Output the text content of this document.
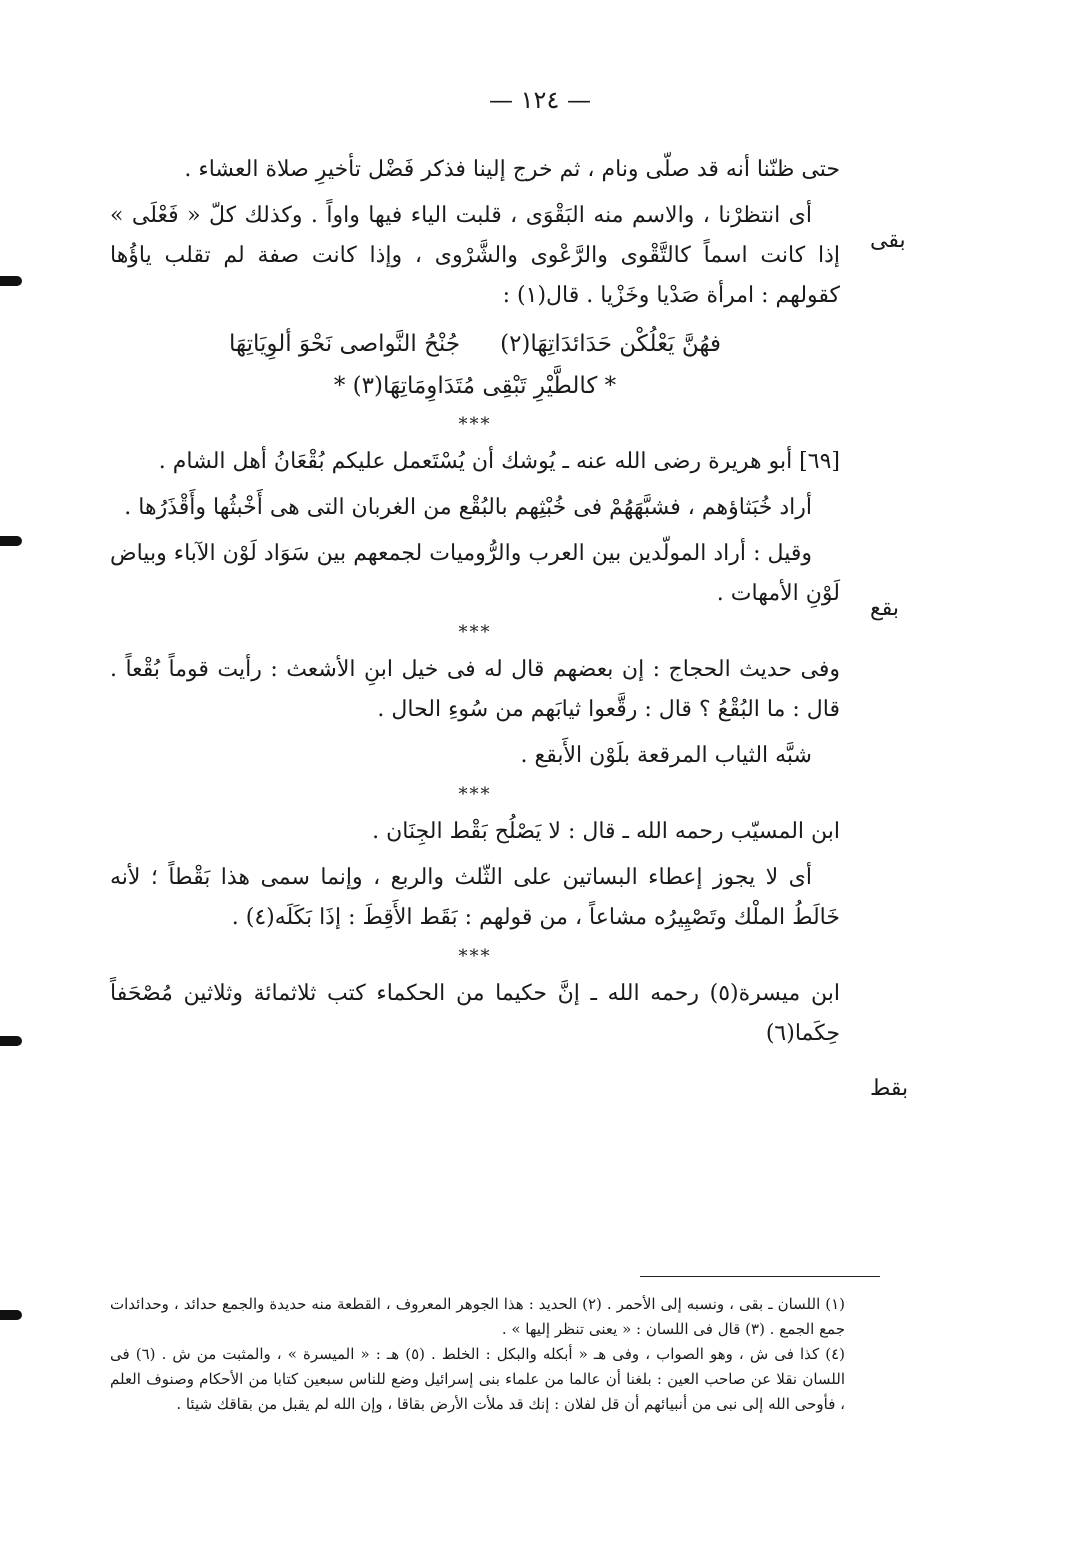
— ١٢٤ —
بقى
بقع
بقط

حتى ظنّنا أنه قد صلّى ونام ، ثم خرج إلينا فذكر فَضْل تأخيرِ صلاة العشاء .

أى انتظرْنا ، والاسم منه البَقْوَى ، قلبت الياء فيها واواً . وكذلك كلّ « فَعْلَى » إذا كانت اسماً كالتَّقْوى والرَّعْوى والشَّرْوى ، وإذا كانت صفة لم تقلب ياؤُها كقولهم : امرأة صَدْيا وخَزْيا . قال(١) :

فهُنَّ يَعْلُكْن حَدَائدَاتِهَا(٢)جُنْحُ النَّواصى نَحْوَ ألوِيَاتِهَا
* كالطَّيْرِ تَبْقِى مُتَدَاوِمَاتِهَا(٣) *
***

[٦٩] أبو هريرة رضى الله عنه ـ يُوشك أن يُسْتَعمل عليكم بُقْعَانُ أهل الشام .

أراد خُبَثاؤهم ، فشبَّهَهُمْ فى خُبْثِهم بالبُقْع من الغربان التى هى أَخْبثُها وأَقْذَرُها .

وقيل : أراد المولّدين بين العرب والرُّوميات لجمعهم بين سَوَاد لَوْن الآباء وبياض لَوْنِ الأمهات .

***

وفى حديث الحجاج : إن بعضهم قال له فى خيل ابنِ الأشعث : رأيت قوماً بُقْعاً . قال : ما البُقْعُ ؟ قال : رقَّعوا ثيابَهم من سُوءِ الحال .

شبَّه الثياب المرقعة بلَوْن الأَبقع .

***

ابن المسيّب رحمه الله ـ قال : لا يَصْلُح بَقْط الجِنَان .

أى لا يجوز إعطاء البساتين على الثّلث والربع ، وإنما سمى هذا بَقْطاً ؛ لأنه خَالَطُ الملْك وتَصْيِيرُه مشاعاً ، من قولهم : بَقَط الأَقِطَ : إذَا بَكَلَه(٤) .

***

ابن ميسرة(٥) رحمه الله ـ إنَّ حكيما من الحكماء كتب ثلاثمائة وثلاثين مُصْحَفاً حِكَما(٦)

(١) اللسان ـ بقى ، ونسبه إلى الأحمر . (٢) الحديد : هذا الجوهر المعروف ، القطعة منه حديدة والجمع حدائد ، وحدائدات جمع الجمع . (٣) قال فى اللسان : « يعنى تنظر إليها » .

(٤) كذا فى ش ، وهو الصواب ، وفى هـ « أبكله والبكل : الخلط . (٥) هـ : « الميسرة » ، والمثبت من ش . (٦) فى اللسان نقلا عن صاحب العين : بلغنا أن عالما من علماء بنى إسرائيل وضع للناس سبعين كتابا من الأحكام وصنوف العلم ، فأوحى الله إلى نبى من أنبيائهم أن قل لفلان : إنك قد ملأت الأرض بقاقا ، وإن الله لم يقبل من بقاقك شيئا .
